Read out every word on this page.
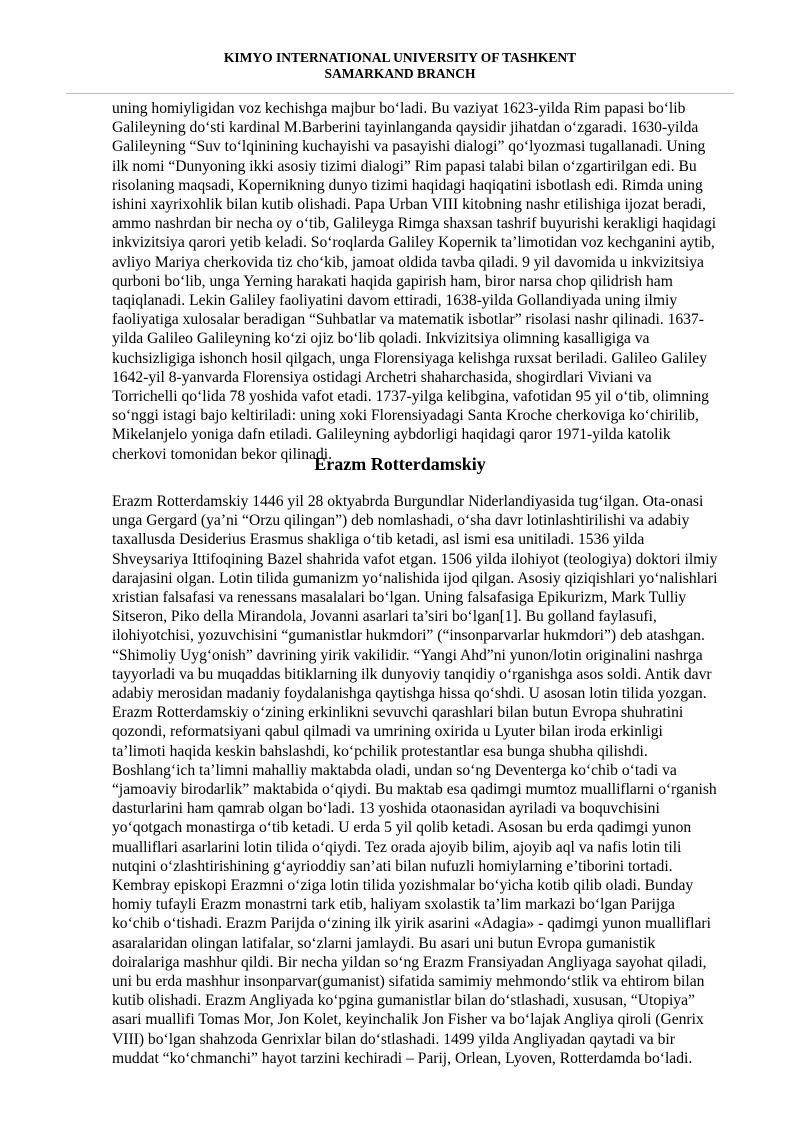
KIMYO INTERNATIONAL UNIVERSITY OF TASHKENT
SAMARKAND BRANCH

uning homiyligidan voz kechishga majbur bo‘ladi. Bu vaziyat 1623-yilda Rim papasi bo‘lib
Galileyning do‘sti kardinal M.Barberini tayinlanganda qaysidir jihatdan o‘zgaradi. 1630-yilda
Galileyning “Suv to‘lqinining kuchayishi va pasayishi dialogi” qo‘lyozmasi tugallanadi. Uning
ilk nomi “Dunyoning ikki asosiy tizimi dialogi” Rim papasi talabi bilan o‘zgartirilgan edi. Bu
risolaning maqsadi, Kopernikning dunyo tizimi haqidagi haqiqatini isbotlash edi. Rimda uning
ishini xayrixohlik bilan kutib olishadi. Papa Urban VIII kitobning nashr etilishiga ijozat beradi,
ammo nashrdan bir necha oy o‘tib, Galileyga Rimga shaxsan tashrif buyurishi kerakligi haqidagi
inkvizitsiya qarori yetib keladi. So‘roqlarda Galiley Kopernik ta’limotidan voz kechganini aytib,
avliyo Mariya cherkovida tiz cho‘kib, jamoat oldida tavba qiladi. 9 yil davomida u inkvizitsiya
qurboni bo‘lib, unga Yerning harakati haqida gapirish ham, biror narsa chop qilidrish ham
taqiqlanadi. Lekin Galiley faoliyatini davom ettiradi, 1638-yilda Gollandiyada uning ilmiy
faoliyatiga xulosalar beradigan “Suhbatlar va matematik isbotlar” risolasi nashr qilinadi. 1637-
yilda Galileo Galileyning ko‘zi ojiz bo‘lib qoladi. Inkvizitsiya olimning kasalligiga va
kuchsizligiga ishonch hosil qilgach, unga Florensiyaga kelishga ruxsat beriladi. Galileo Galiley
1642-yil 8-yanvarda Florensiya ostidagi Archetri shaharchasida, shogirdlari Viviani va
Torrichelli qo‘lida 78 yoshida vafot etadi. 1737-yilga kelibgina, vafotidan 95 yil o‘tib, olimning
so‘nggi istagi bajo keltiriladi: uning xoki Florensiyadagi Santa Kroche cherkoviga ko‘chirilib,
Mikelanjelo yoniga dafn etiladi. Galileyning aybdorligi haqidagi qaror 1971-yilda katolik
cherkovi tomonidan bekor qilinadi.

Erazm Rotterdamskiy

Erazm Rotterdamskiy 1446 yil 28 oktyabrda Burgundlar Niderlandiyasida tug‘ilgan. Ota-onasi
unga Gergard (ya’ni “Orzu qilingan”) deb nomlashadi, o‘sha davr lotinlashtirilishi va adabiy
taxallusda Desiderius Erasmus shakliga o‘tib ketadi, asl ismi esa unitiladi. 1536 yilda
Shveysariya Ittifoqining Bazel shahrida vafot etgan. 1506 yilda ilohiyot (teologiya) doktori ilmiy
darajasini olgan. Lotin tilida gumanizm yo‘nalishida ijod qilgan. Asosiy qiziqishlari yo‘nalishlari
xristian falsafasi va renessans masalalari bo‘lgan. Uning falsafasiga Epikurizm, Mark Tulliy
Sitseron, Piko della Mirandola, Jovanni asarlari ta’siri bo‘lgan[1]. Bu golland faylasufi,
ilohiyotchisi, yozuvchisini “gumanistlar hukmdori” (“insonparvarlar hukmdori”) deb atashgan.
“Shimoliy Uyg‘onish” davrining yirik vakilidir. “Yangi Ahd”ni yunon/lotin originalini nashrga
tayyorladi va bu muqaddas bitiklarning ilk dunyoviy tanqidiy o‘rganishga asos soldi. Antik davr
adabiy merosidan madaniy foydalanishga qaytishga hissa qo‘shdi. U asosan lotin tilida yozgan.
Erazm Rotterdamskiy o‘zining erkinlikni sevuvchi qarashlari bilan butun Evropa shuhratini
qozondi, reformatsiyani qabul qilmadi va umrining oxirida u Lyuter bilan iroda erkinligi
ta’limoti haqida keskin bahslashdi, ko‘pchilik protestantlar esa bunga shubha qilishdi.
Boshlang‘ich ta’limni mahalliy maktabda oladi, undan so‘ng Deventerga ko‘chib o‘tadi va
“jamoaviy birodarlik” maktabida o‘qiydi. Bu maktab esa qadimgi mumtoz mualliflarni o‘rganish
dasturlarini ham qamrab olgan bo‘ladi. 13 yoshida otaonasidan ayriladi va boquvchisini
yo‘qotgach monastirga o‘tib ketadi. U erda 5 yil qolib ketadi. Asosan bu erda qadimgi yunon
mualliflari asarlarini lotin tilida o‘qiydi. Tez orada ajoyib bilim, ajoyib aql va nafis lotin tili
nutqini o‘zlashtirishining g‘ayrioddiy san’ati bilan nufuzli homiylarning e’tiborini tortadi.
Kembray episkopi Erazmni o‘ziga lotin tilida yozishmalar bo‘yicha kotib qilib oladi. Bunday
homiy tufayli Erazm monastrni tark etib, haliyam sxolastik ta’lim markazi bo‘lgan Parijga
ko‘chib o‘tishadi. Erazm Parijda o‘zining ilk yirik asarini «Adagia» - qadimgi yunon mualliflari
asaralaridan olingan latifalar, so‘zlarni jamlaydi. Bu asari uni butun Evropa gumanistik
doiralariga mashhur qildi. Bir necha yildan so‘ng Erazm Fransiyadan Angliyaga sayohat qiladi,
uni bu erda mashhur insonparvar(gumanist) sifatida samimiy mehmondo‘stlik va ehtirom bilan
kutib olishadi. Erazm Angliyada ko‘pgina gumanistlar bilan do‘stlashadi, xususan, “Utopiya”
asari muallifi Tomas Mor, Jon Kolet, keyinchalik Jon Fisher va bo‘lajak Angliya qiroli (Genrix
VIII) bo‘lgan shahzoda Genrixlar bilan do‘stlashadi. 1499 yilda Angliyadan qaytadi va bir
muddat “ko‘chmanchi” hayot tarzini kechiradi – Parij, Orlean, Lyoven, Rotterdamda bo‘ladi.
